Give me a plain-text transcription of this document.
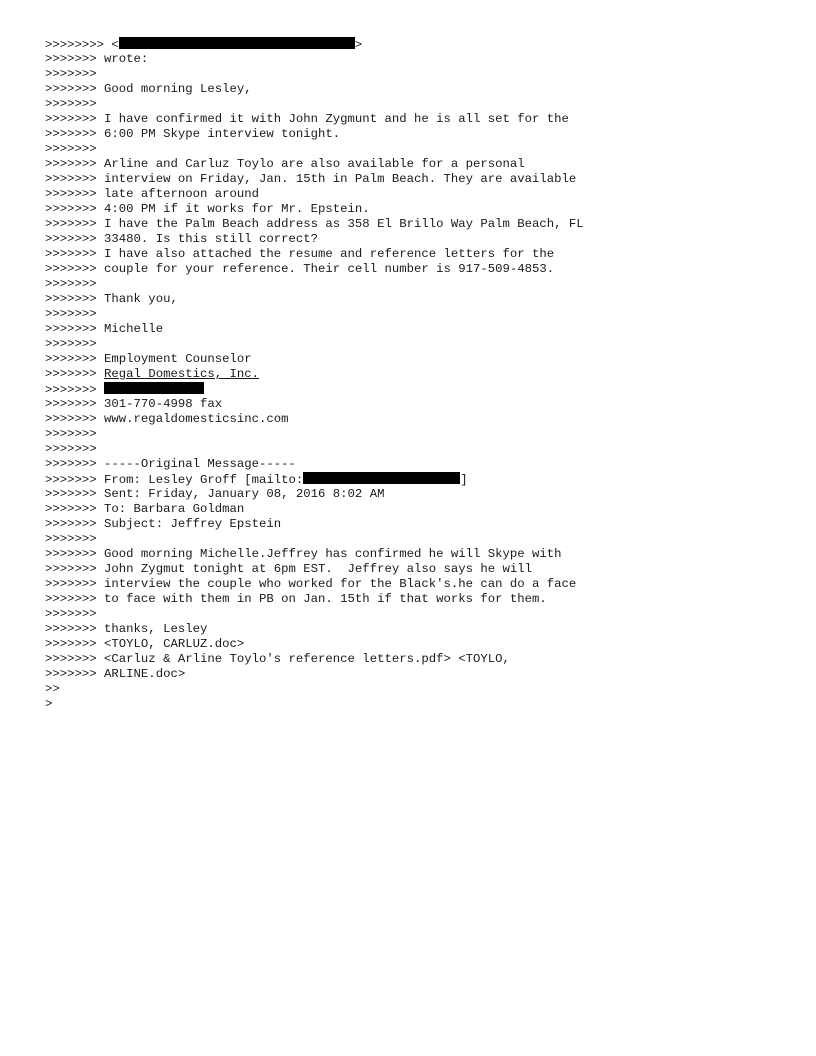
>>>>>>>> <	>
>>>>>>> wrote:
>>>>>>>
>>>>>>> Good morning Lesley,
>>>>>>>
>>>>>>> I have confirmed it with John Zygmunt and he is all set for the
>>>>>>> 6:00 PM Skype interview tonight.
>>>>>>>
>>>>>>> Arline and Carluz Toylo are also available for a personal
>>>>>>> interview on Friday, Jan. 15th in Palm Beach. They are available
>>>>>>> late afternoon around
>>>>>>> 4:00 PM if it works for Mr. Epstein.
>>>>>>> I have the Palm Beach address as 358 El Brillo Way Palm Beach, FL
>>>>>>> 33480. Is this still correct?
>>>>>>> I have also attached the resume and reference letters for the
>>>>>>> couple for your reference. Their cell number is 917-509-4853.
>>>>>>>
>>>>>>> Thank you,
>>>>>>>
>>>>>>> Michelle
>>>>>>>
>>>>>>> Employment Counselor
>>>>>>> Regal Domestics, Inc.
>>>>>>>
>>>>>>> 301-770-4998 fax
>>>>>>> www.regaldomesticsinc.com
>>>>>>>
>>>>>>>
>>>>>>> -----Original Message-----
>>>>>>> From: Lesley Groff [mailto:	]
>>>>>>> Sent: Friday, January 08, 2016 8:02 AM
>>>>>>> To: Barbara Goldman
>>>>>>> Subject: Jeffrey Epstein
>>>>>>>
>>>>>>> Good morning Michelle.Jeffrey has confirmed he will Skype with
>>>>>>> John Zygmut tonight at 6pm EST.  Jeffrey also says he will
>>>>>>> interview the couple who worked for the Black's.he can do a face
>>>>>>> to face with them in PB on Jan. 15th if that works for them.
>>>>>>>
>>>>>>> thanks, Lesley
>>>>>>> <TOYLO, CARLUZ.doc>
>>>>>>> <Carluz & Arline Toylo's reference letters.pdf> <TOYLO,
>>>>>>> ARLINE.doc>
>>
>
